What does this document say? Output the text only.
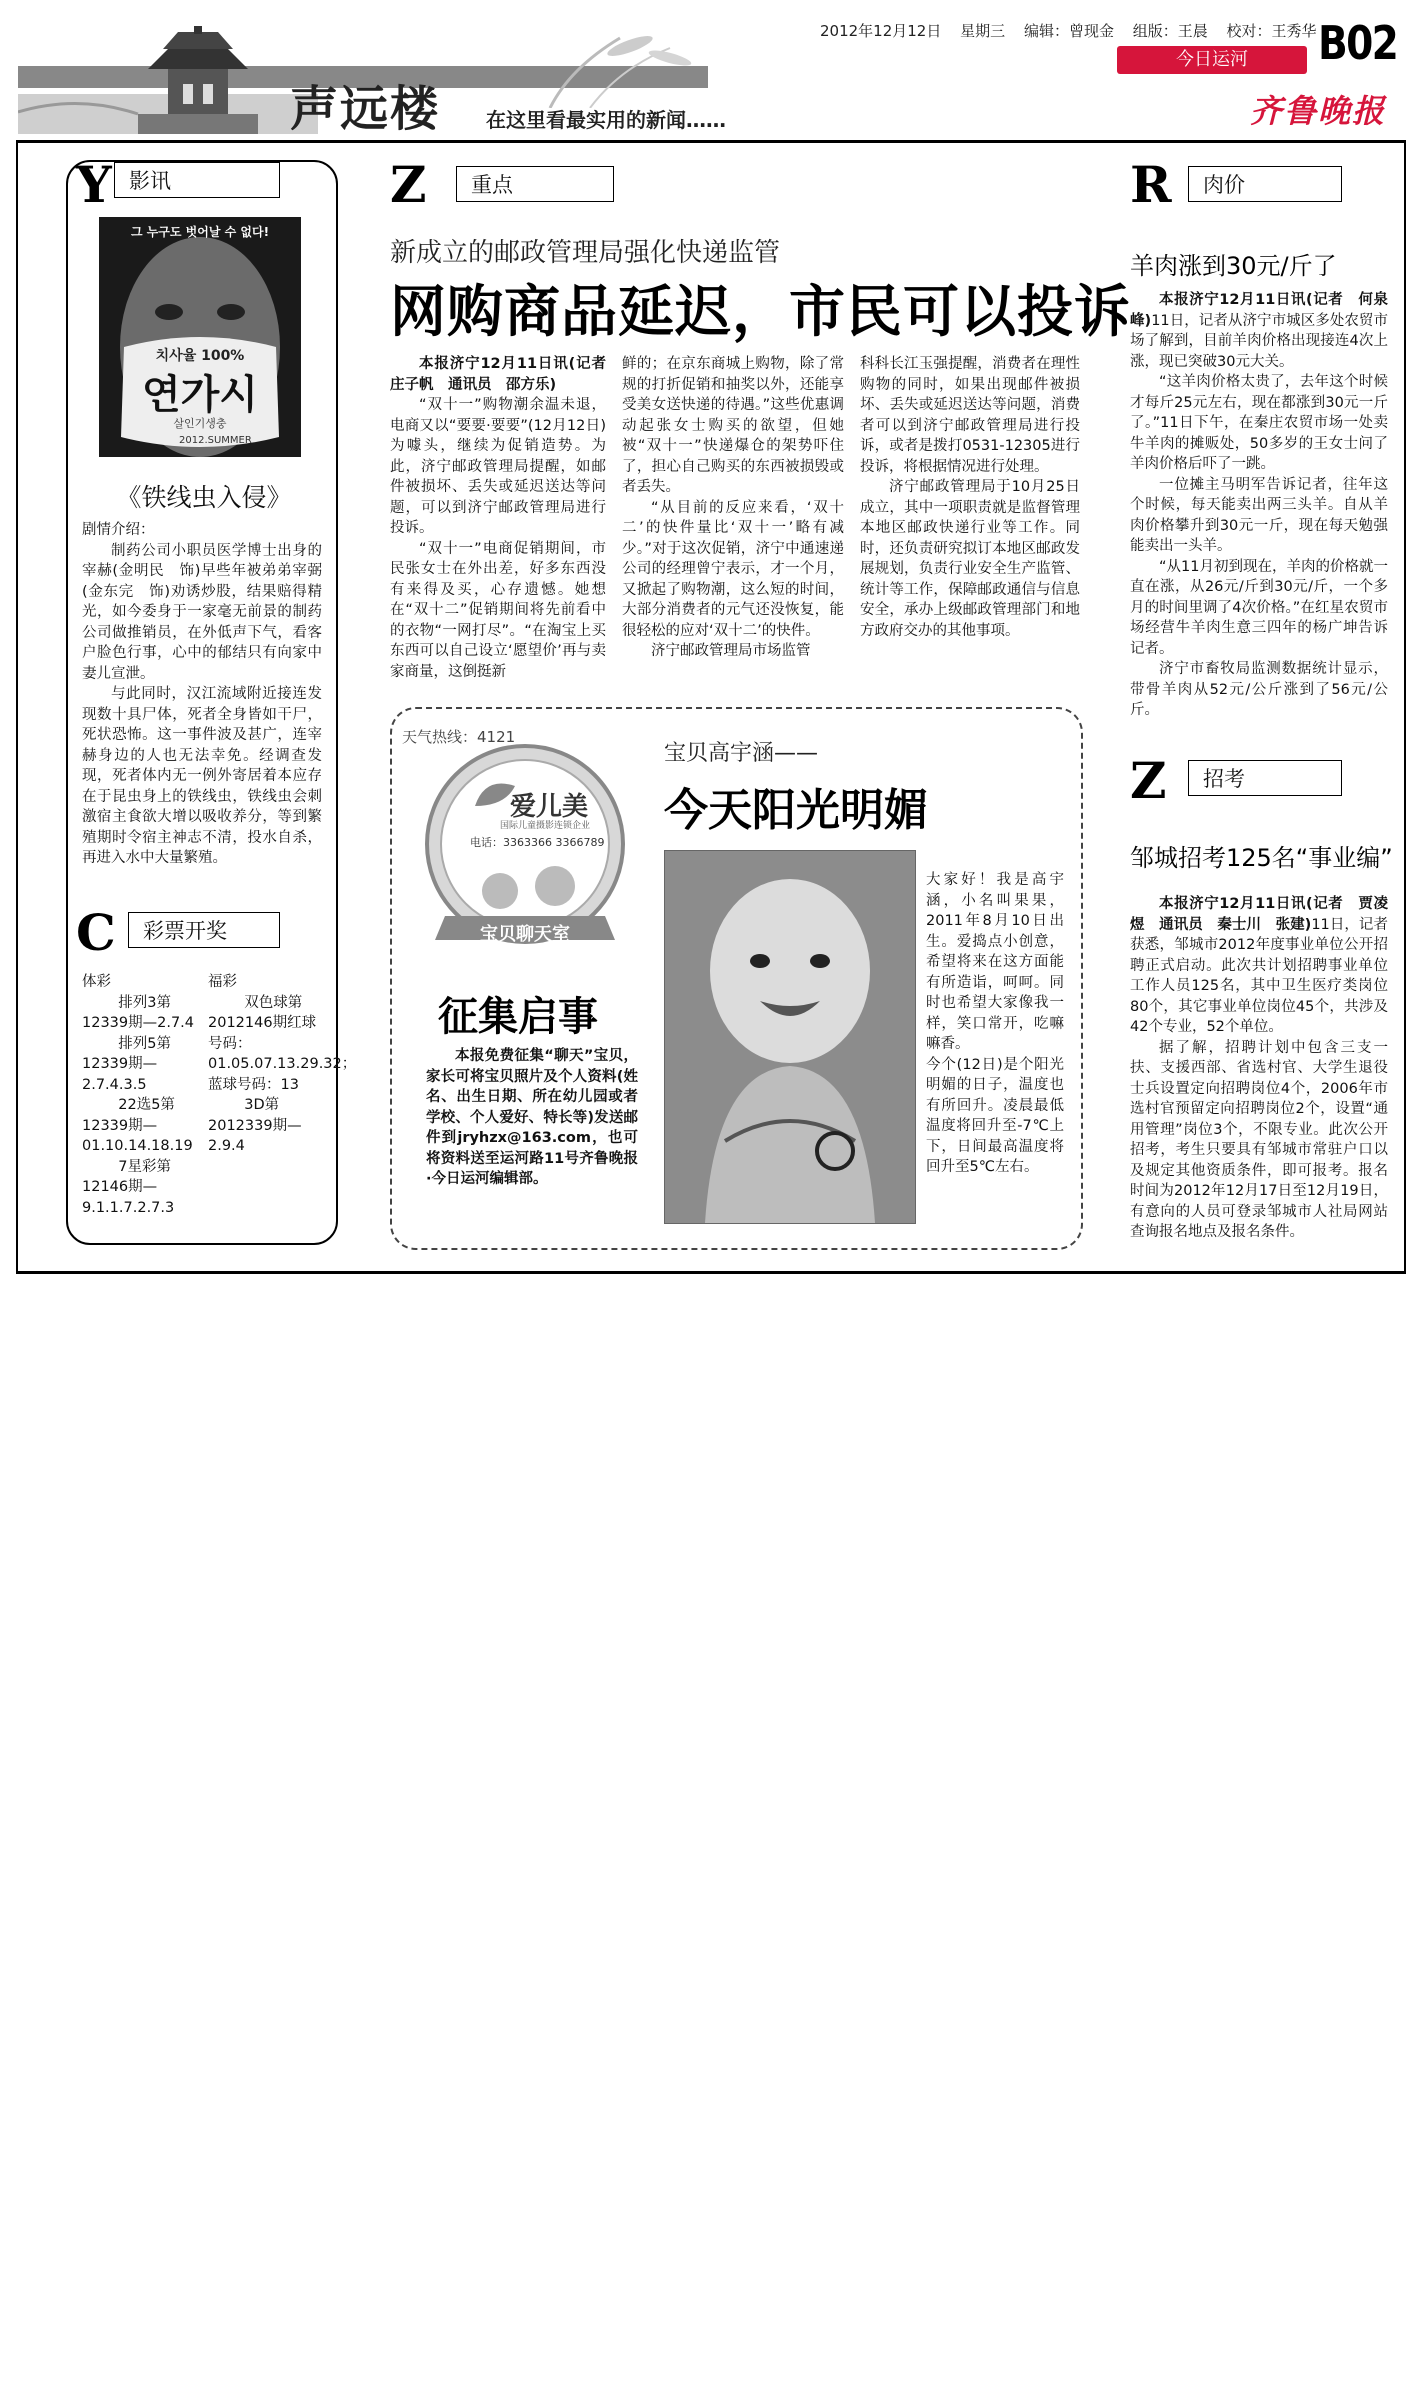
2012年12月12日 星期三 编辑：曾现金 组版：王晨 校对：王秀华 B02
今日运河
齐鲁晚报
声远楼 在这里看最实用的新闻……
Y 影讯
그 누구도 벗어날 수 없다!
치사율 100%
연가시
살인기생충
2012.SUMMER
《铁线虫入侵》

剧情介绍：

制药公司小职员医学博士出身的宰赫(金明民　饰)早些年被弟弟宰弼(金东完　饰)劝诱炒股，结果赔得精光，如今委身于一家毫无前景的制药公司做推销员，在外低声下气，看客户脸色行事，心中的郁结只有向家中妻儿宣泄。

与此同时，汉江流域附近接连发现数十具尸体，死者全身皆如干尸，死状恐怖。这一事件波及甚广，连宰赫身边的人也无法幸免。经调查发现，死者体内无一例外寄居着本应存在于昆虫身上的铁线虫，铁线虫会刺激宿主食欲大增以吸收养分，等到繁殖期时令宿主神志不清，投水自杀，再进入水中大量繁殖。

C	彩票开奖

体彩

排列3第12339期—2.7.4

排列5第12339期—2.7.4.3.5

22选5第12339期—01.10.14.18.19

7星彩第12146期—9.1.1.7.2.7.3

福彩

双色球第2012146期红球号码：01.05.07.13.29.32；蓝球号码：13

3D第2012339期—2.9.4

Z	重点
新成立的邮政管理局强化快递监管
网购商品延迟，市民可以投诉

本报济宁12月11日讯(记者　庄子帆　通讯员　邵方乐)

“双十一”购物潮余温未退，电商又以“要要·要要”(12月12日)为噱头，继续为促销造势。为此，济宁邮政管理局提醒，如邮件被损坏、丢失或延迟送达等问题，可以到济宁邮政管理局进行投诉。

“双十一”电商促销期间，市民张女士在外出差，好多东西没有来得及买，心存遗憾。她想在“双十二”促销期间将先前看中的衣物“一网打尽”。“在淘宝上买东西可以自己设立‘愿望价’再与卖家商量，这倒挺新

鲜的；在京东商城上购物，除了常规的打折促销和抽奖以外，还能享受美女送快递的待遇。”这些优惠调动起张女士购买的欲望，但她被“双十一”快递爆仓的架势吓住了，担心自己购买的东西被损毁或者丢失。

“从目前的反应来看，‘双十二’的快件量比‘双十一’略有减少。”对于这次促销，济宁中通速递公司的经理曾宁表示，才一个月，又掀起了购物潮，这么短的时间，大部分消费者的元气还没恢复，能很轻松的应对‘双十二’的快件。

济宁邮政管理局市场监管

科科长江玉强提醒，消费者在理性购物的同时，如果出现邮件被损坏、丢失或延迟送达等问题，消费者可以到济宁邮政管理局进行投诉，或者是拨打0531-12305进行投诉，将根据情况进行处理。

济宁邮政管理局于10月25日成立，其中一项职责就是监督管理本地区邮政快递行业等工作。同时，还负责研究拟订本地区邮政发展规划，负责行业安全生产监管、统计等工作，保障邮政通信与信息安全，承办上级邮政管理部门和地方政府交办的其他事项。

天气热线：4121
爱儿美
国际儿童摄影连锁企业
电话：3363366 3366789
宝贝聊天室
征集启事

本报免费征集“聊天”宝贝，家长可将宝贝照片及个人资料(姓名、出生日期、所在幼儿园或者学校、个人爱好、特长等)发送邮件到jryhzx@163.com，也可将资料送至运河路11号齐鲁晚报·今日运河编辑部。

宝贝高宇涵——
今天阳光明媚

大家好！我是高宇涵，小名叫果果，2011年8月10日出生。爱捣点小创意，希望将来在这方面能有所造诣，呵呵。同时也希望大家像我一样，笑口常开，吃嘛嘛香。

今个(12日)是个阳光明媚的日子，温度也有所回升。凌晨最低温度将回升至-7℃上下，日间最高温度将回升至5℃左右。

R	肉价
羊肉涨到30元/斤了

本报济宁12月11日讯(记者　何泉峰)11日，记者从济宁市城区多处农贸市场了解到，目前羊肉价格出现接连4次上涨，现已突破30元大关。

“这羊肉价格太贵了，去年这个时候才每斤25元左右，现在都涨到30元一斤了。”11日下午，在秦庄农贸市场一处卖牛羊肉的摊贩处，50多岁的王女士问了羊肉价格后吓了一跳。

一位摊主马明军告诉记者，往年这个时候，每天能卖出两三头羊。自从羊肉价格攀升到30元一斤，现在每天勉强能卖出一头羊。

“从11月初到现在，羊肉的价格就一直在涨，从26元/斤到30元/斤，一个多月的时间里调了4次价格。”在红星农贸市场经营牛羊肉生意三四年的杨广坤告诉记者。

济宁市畜牧局监测数据统计显示，带骨羊肉从52元/公斤涨到了56元/公斤。

Z	招考
邹城招考125名“事业编”

本报济宁12月11日讯(记者　贾凌煜　通讯员　秦士川　张建)11日，记者获悉，邹城市2012年度事业单位公开招聘正式启动。此次共计划招聘事业单位工作人员125名，其中卫生医疗类岗位80个，其它事业单位岗位45个，共涉及42个专业，52个单位。

据了解，招聘计划中包含三支一扶、支援西部、省选村官、大学生退役士兵设置定向招聘岗位4个，2006年市选村官预留定向招聘岗位2个，设置“通用管理”岗位3个，不限专业。此次公开招考，考生只要具有邹城市常驻户口以及规定其他资质条件，即可报考。报名时间为2012年12月17日至12月19日，有意向的人员可登录邹城市人社局网站查询报名地点及报名条件。
